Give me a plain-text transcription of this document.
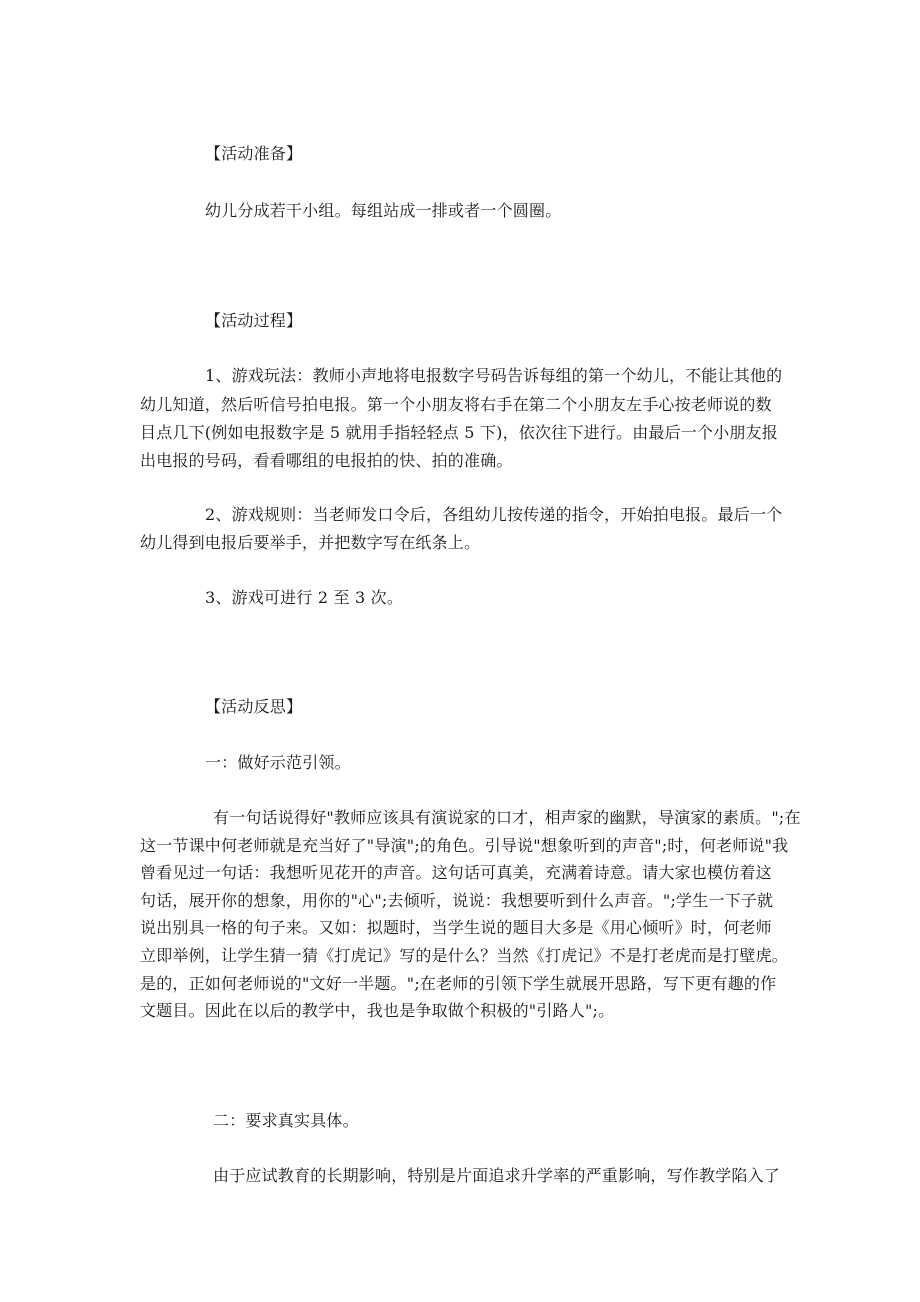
【活动准备】
幼儿分成若干小组。每组站成一排或者一个圆圈。
【活动过程】
1、游戏玩法：教师小声地将电报数字号码告诉每组的第一个幼儿，不能让其他的
幼儿知道，然后听信号拍电报。第一个小朋友将右手在第二个小朋友左手心按老师说的数
目点几下(例如电报数字是 5 就用手指轻轻点 5 下)，依次往下进行。由最后一个小朋友报
出电报的号码，看看哪组的电报拍的快、拍的准确。
2、游戏规则：当老师发口令后，各组幼儿按传递的指令，开始拍电报。最后一个
幼儿得到电报后要举手，并把数字写在纸条上。
3、游戏可进行 2 至 3 次。
【活动反思】
一：做好示范引领。
有一句话说得好"教师应该具有演说家的口才，相声家的幽默，导演家的素质。";在
这一节课中何老师就是充当好了"导演";的角色。引导说"想象听到的声音";时，何老师说"我
曾看见过一句话：我想听见花开的声音。这句话可真美，充满着诗意。请大家也模仿着这
句话，展开你的想象，用你的"心";去倾听，说说：我想要听到什么声音。";学生一下子就
说出别具一格的句子来。又如：拟题时，当学生说的题目大多是《用心倾听》时，何老师
立即举例，让学生猜一猜《打虎记》写的是什么？当然《打虎记》不是打老虎而是打壁虎。
是的，正如何老师说的"文好一半题。";在老师的引领下学生就展开思路，写下更有趣的作
文题目。因此在以后的教学中，我也是争取做个积极的"引路人";。
二：要求真实具体。
由于应试教育的长期影响，特别是片面追求升学率的严重影响，写作教学陷入了
